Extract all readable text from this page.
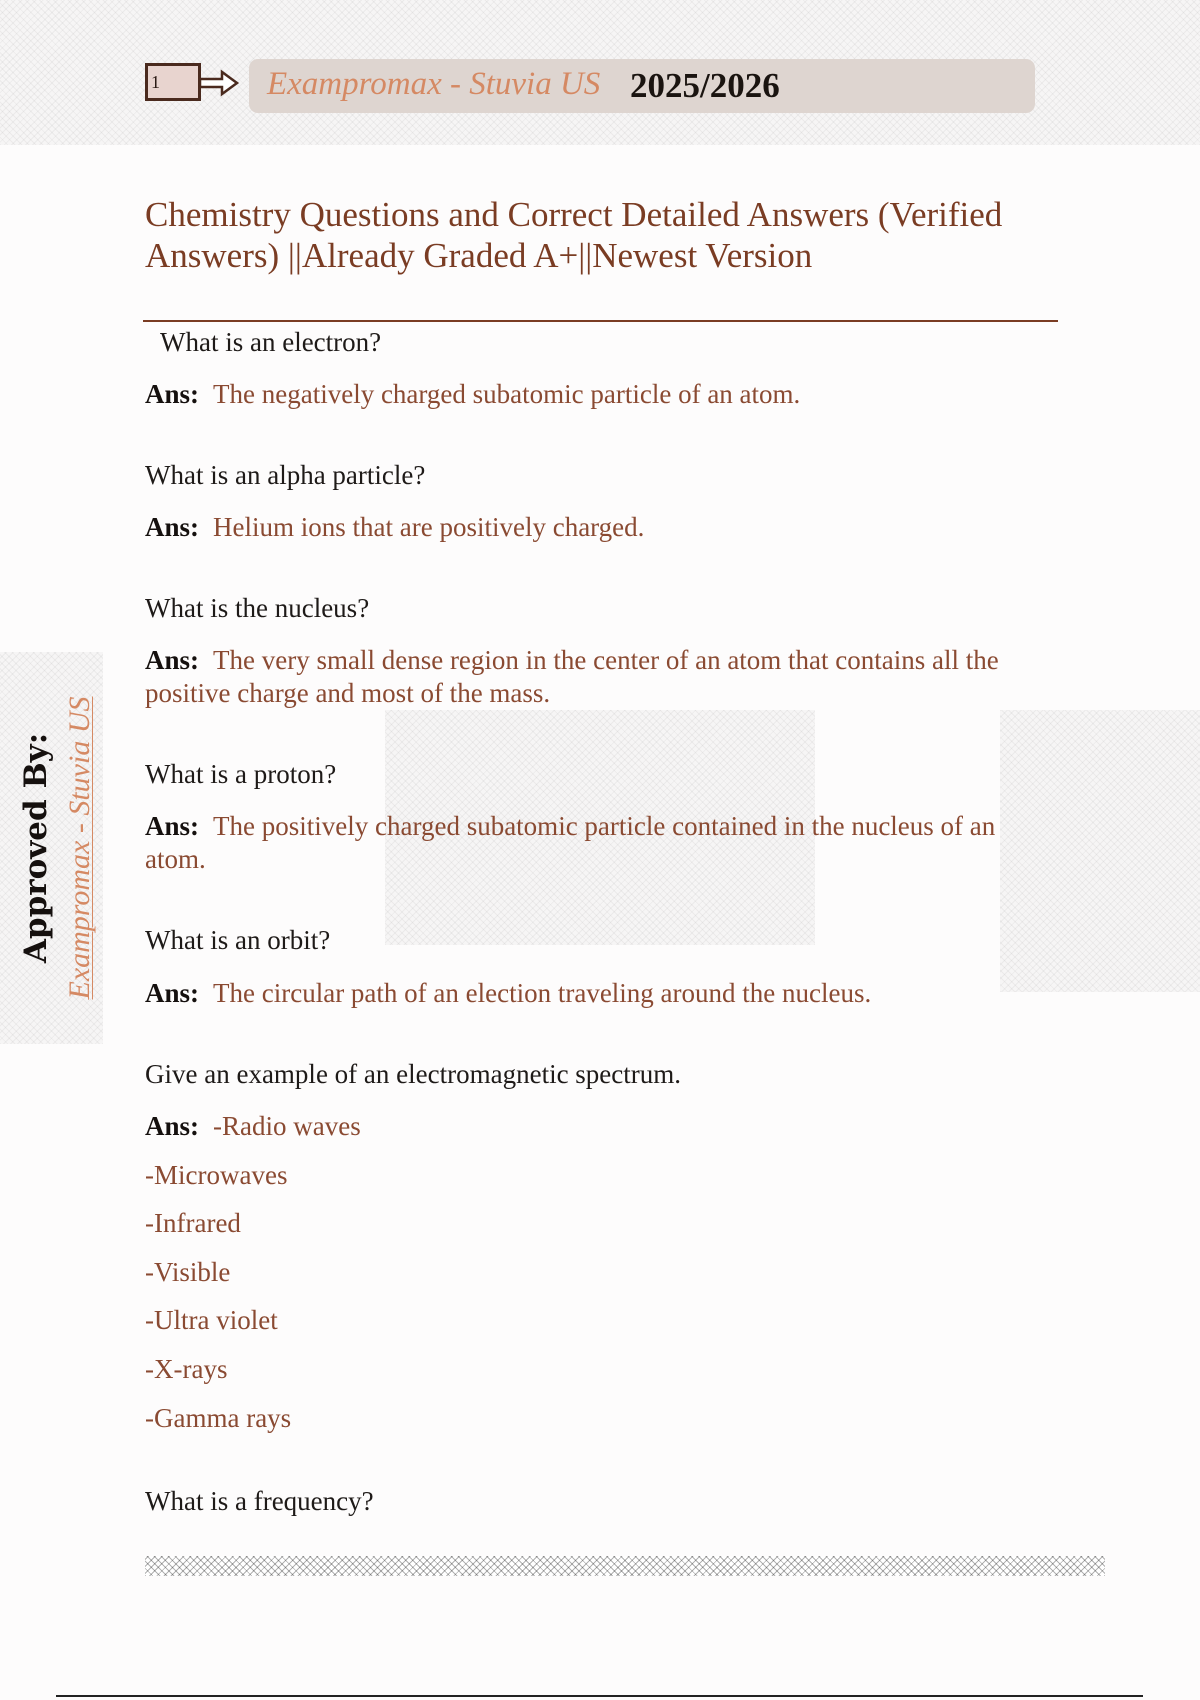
1	Exampromax - Stuvia US 2025/2026
Chemistry Questions and Correct Detailed Answers (Verified Answers) ||Already Graded A+||Newest Version
Approved By: Exampromax - Stuvia US

What is an electron?

Ans: The negatively charged subatomic particle of an atom.

What is an alpha particle?

Ans: Helium ions that are positively charged.

What is the nucleus?

Ans: The very small dense region in the center of an atom that contains all the positive charge and most of the mass.

What is a proton?

Ans: The positively charged subatomic particle contained in the nucleus of an atom.

What is an orbit?

Ans: The circular path of an election traveling around the nucleus.

Give an example of an electromagnetic spectrum.

Ans: -Radio waves

-Microwaves

-Infrared

-Visible

-Ultra violet

-X-rays

-Gamma rays

What is a frequency?
